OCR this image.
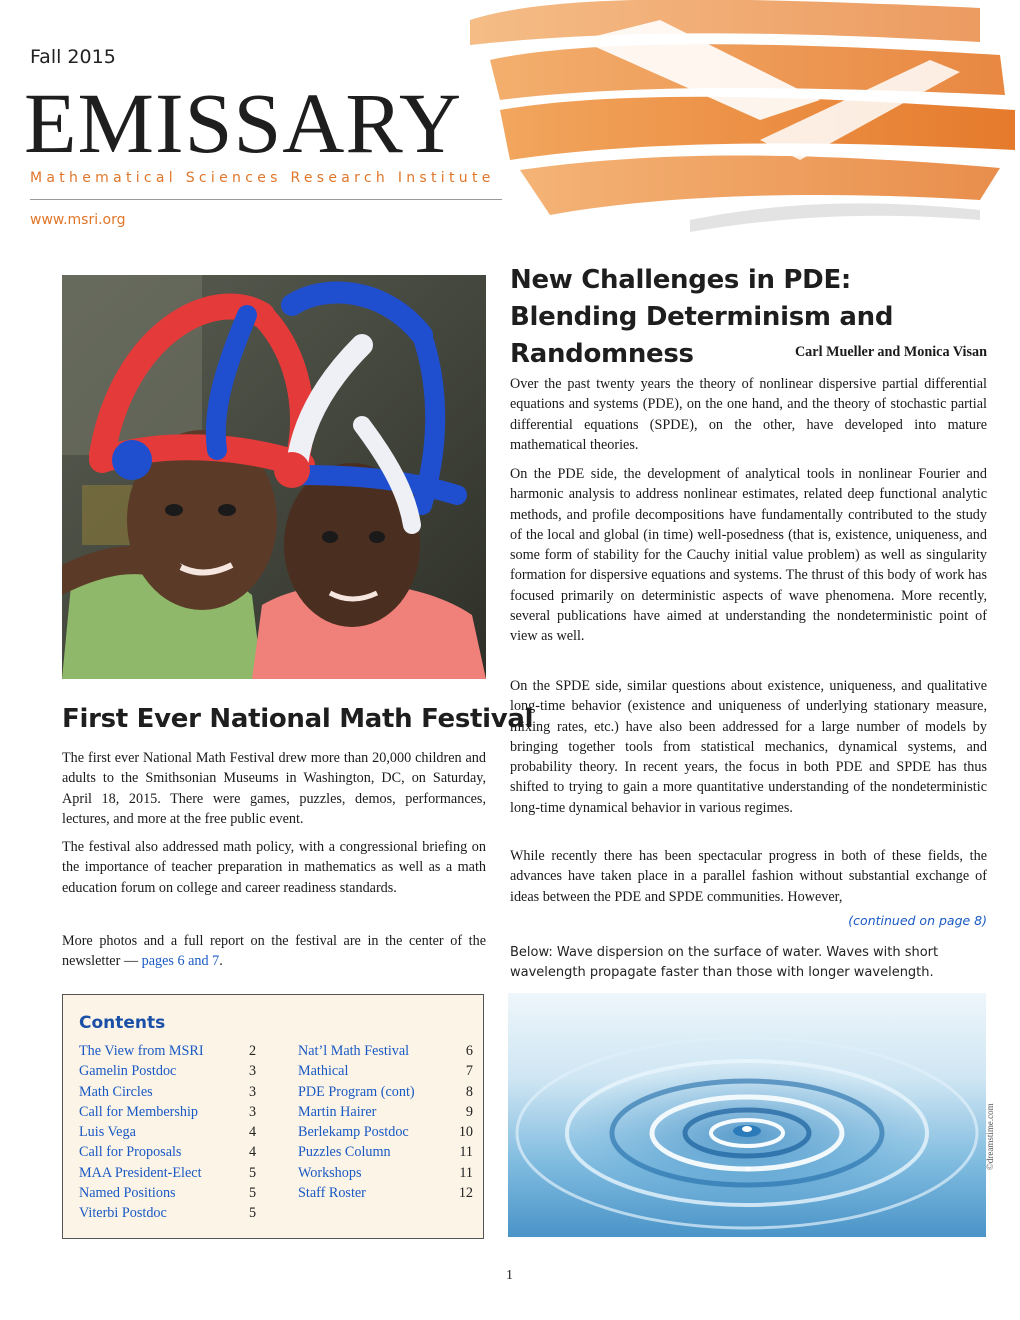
Fall 2015
EMISSARY
Mathematical Sciences Research Institute
www.msri.org
First Ever National Math Festival

The first ever National Math Festival drew more than 20,000 children and adults to the Smithsonian Museums in Washington, DC, on Saturday, April 18, 2015. There were games, puzzles, demos, performances, lectures, and more at the free public event.

The festival also addressed math policy, with a congressional briefing on the importance of teacher preparation in mathematics as well as a math education forum on college and career readiness standards.

More photos and a full report on the festival are in the center of the newsletter — pages 6 and 7.

Contents
The View from MSRI	2
Gamelin Postdoc	3
Math Circles	3
Call for Membership	3
Luis Vega	4
Call for Proposals	4
MAA President-Elect	5
Named Positions	5
Viterbi Postdoc	5
Nat’l Math Festival	6
Mathical	7
PDE Program (cont)	8
Martin Hairer	9
Berlekamp Postdoc	10
Puzzles Column	11
Workshops	11
Staff Roster	12
New Challenges in PDE: Blending Determinism and Randomness	Carl Mueller and Monica Visan

Over the past twenty years the theory of nonlinear dispersive partial differential equations and systems (PDE), on the one hand, and the theory of stochastic partial differential equations (SPDE), on the other, have developed into mature mathematical theories.

On the PDE side, the development of analytical tools in nonlinear Fourier and harmonic analysis to address nonlinear estimates, related deep functional analytic methods, and profile decompositions have fundamentally contributed to the study of the local and global (in time) well-posedness (that is, existence, uniqueness, and some form of stability for the Cauchy initial value problem) as well as singularity formation for dispersive equations and systems. The thrust of this body of work has focused primarily on deterministic aspects of wave phenomena. More recently, several publications have aimed at understanding the nondeterministic point of view as well.

On the SPDE side, similar questions about existence, uniqueness, and qualitative long-time behavior (existence and uniqueness of underlying stationary measure, mixing rates, etc.) have also been addressed for a large number of models by bringing together tools from statistical mechanics, dynamical systems, and probability theory. In recent years, the focus in both PDE and SPDE has thus shifted to trying to gain a more quantitative understanding of the nondeterministic long-time dynamical behavior in various regimes.

While recently there has been spectacular progress in both of these fields, the advances have taken place in a parallel fashion without substantial exchange of ideas between the PDE and SPDE communities. However,

(continued on page 8)
Below: Wave dispersion on the surface of water. Waves with short wavelength propagate faster than those with longer wavelength.
©dreamstime.com
1
